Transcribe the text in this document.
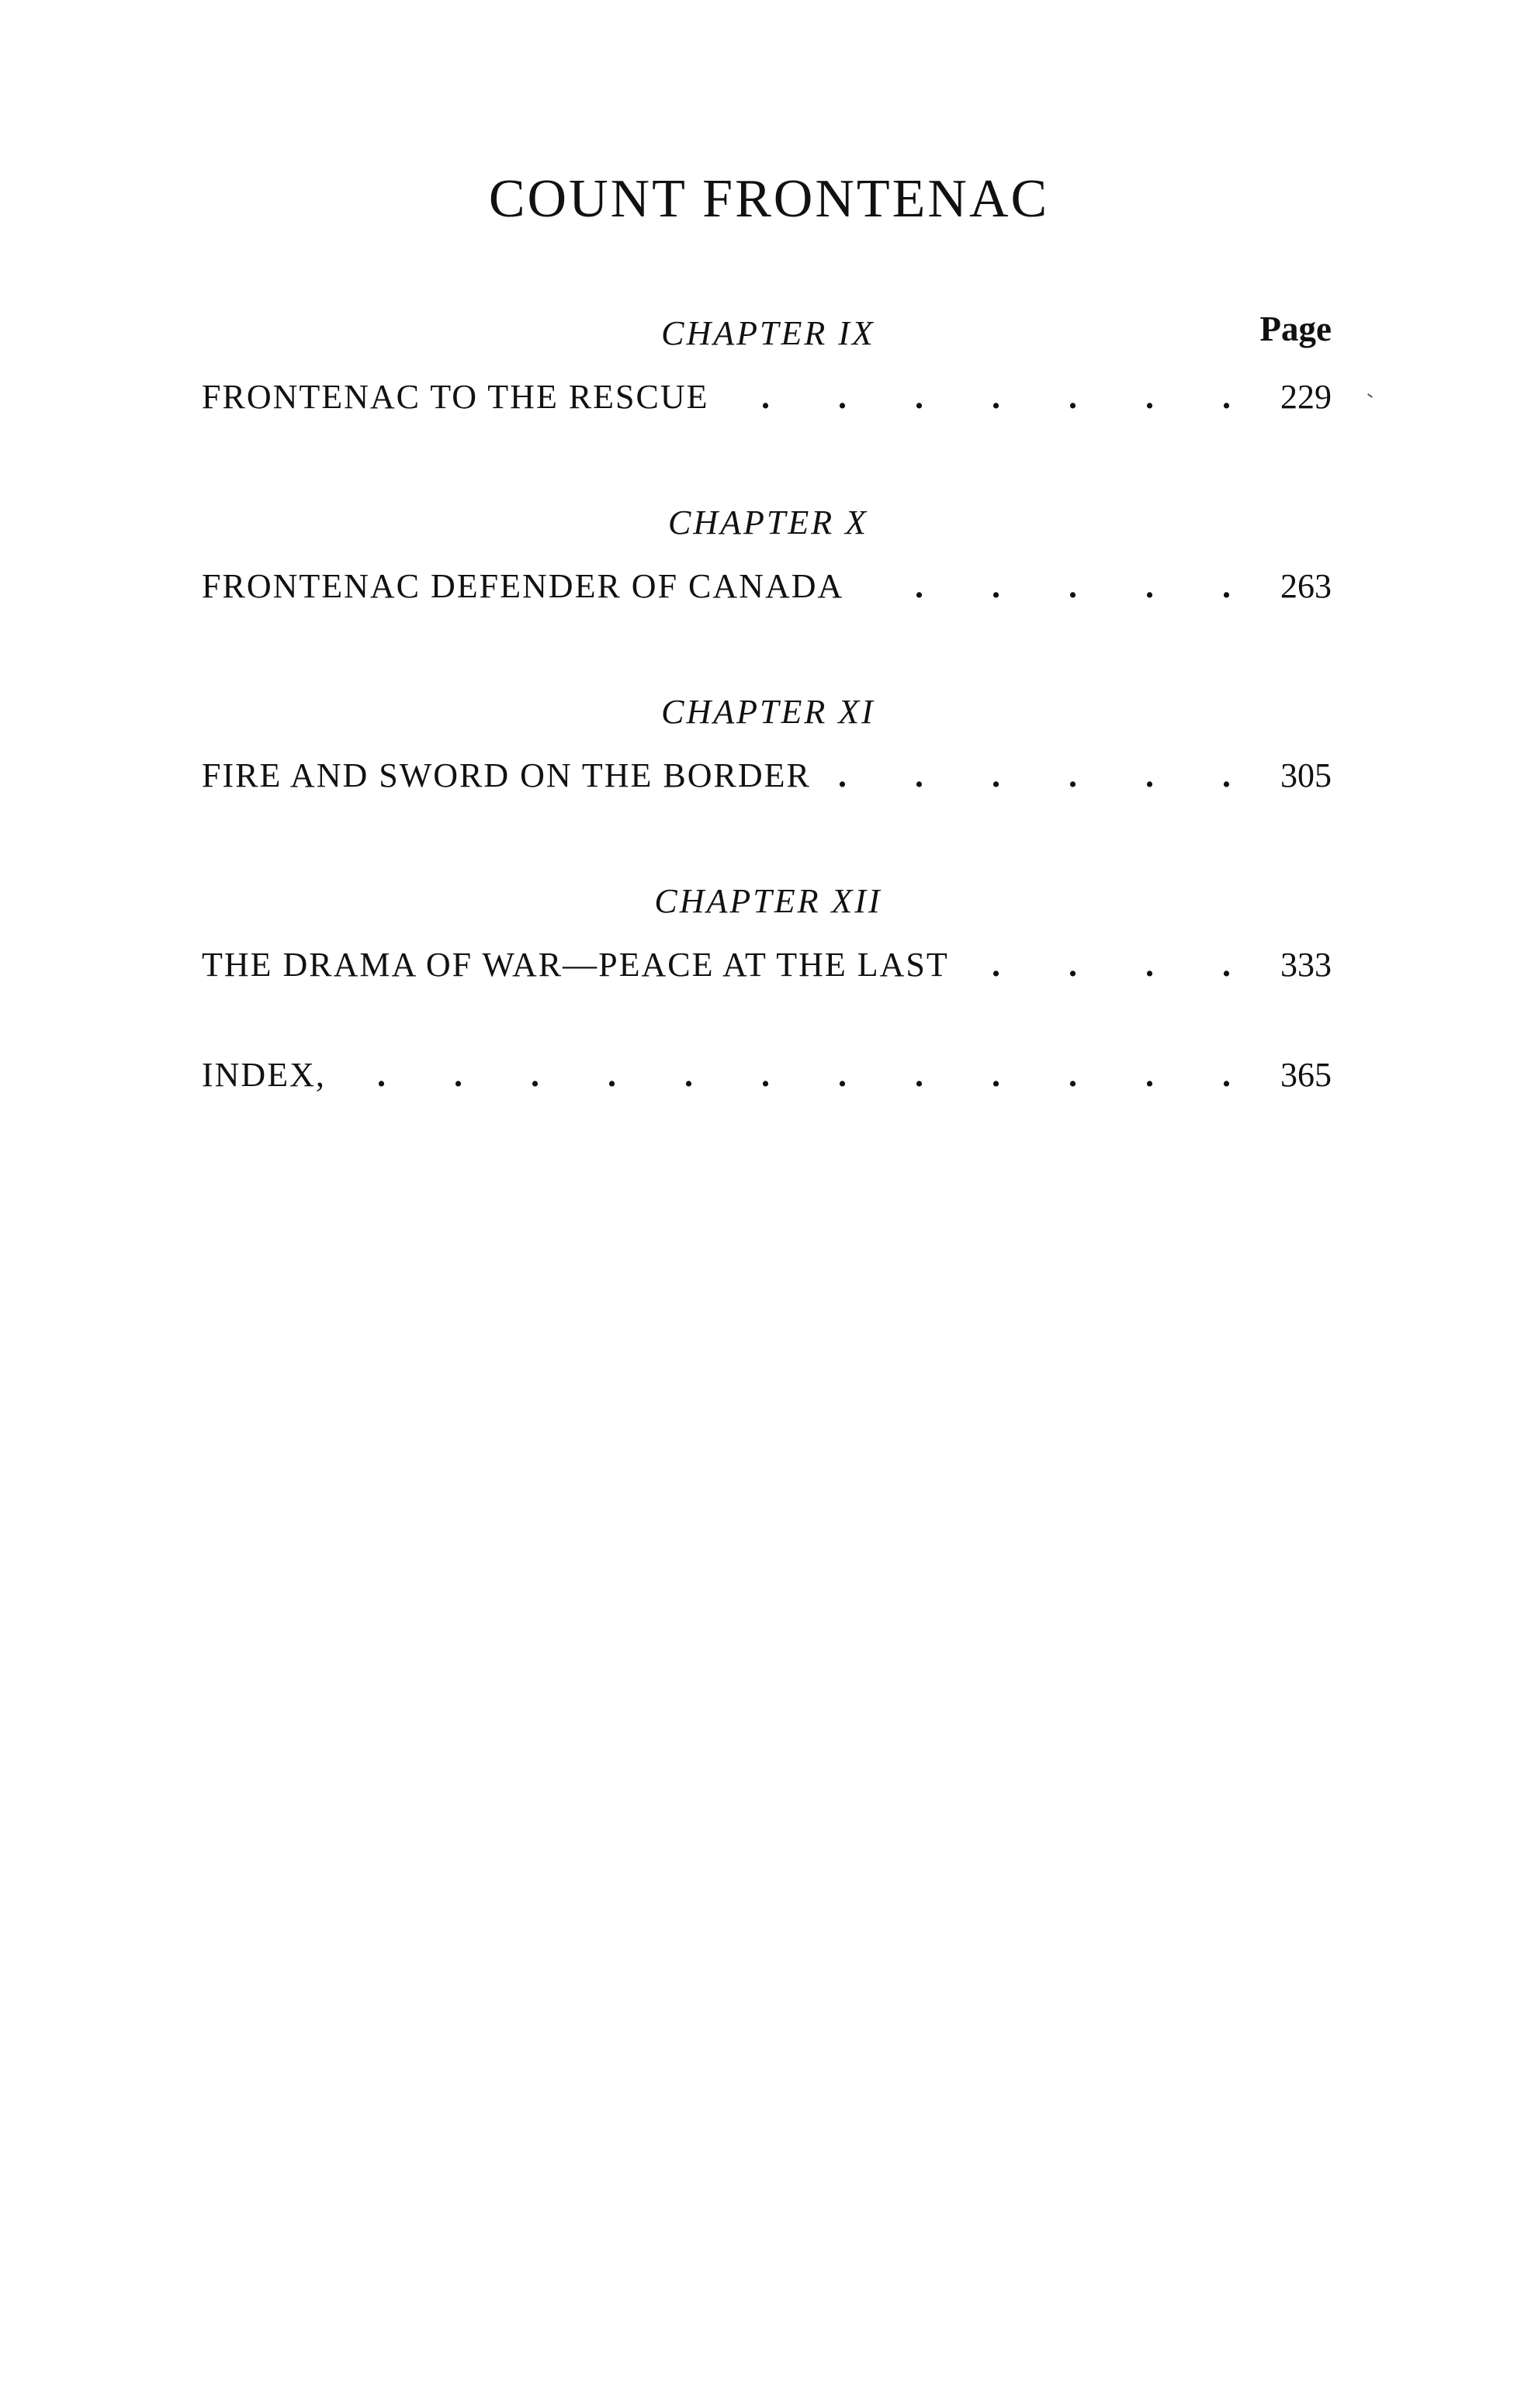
COUNT FRONTENAC
Page
CHAPTER IX
FRONTENAC TO THE RESCUE .  . 	229
CHAPTER X
FRONTENAC DEFENDER OF CANADA .  . 	263
CHAPTER XI
FIRE AND SWORD ON THE BORDER .  . 	305
CHAPTER XII
THE DRAMA OF WAR—PEACE AT THE LAST .  . 	333
INDEX, .  . 	365
